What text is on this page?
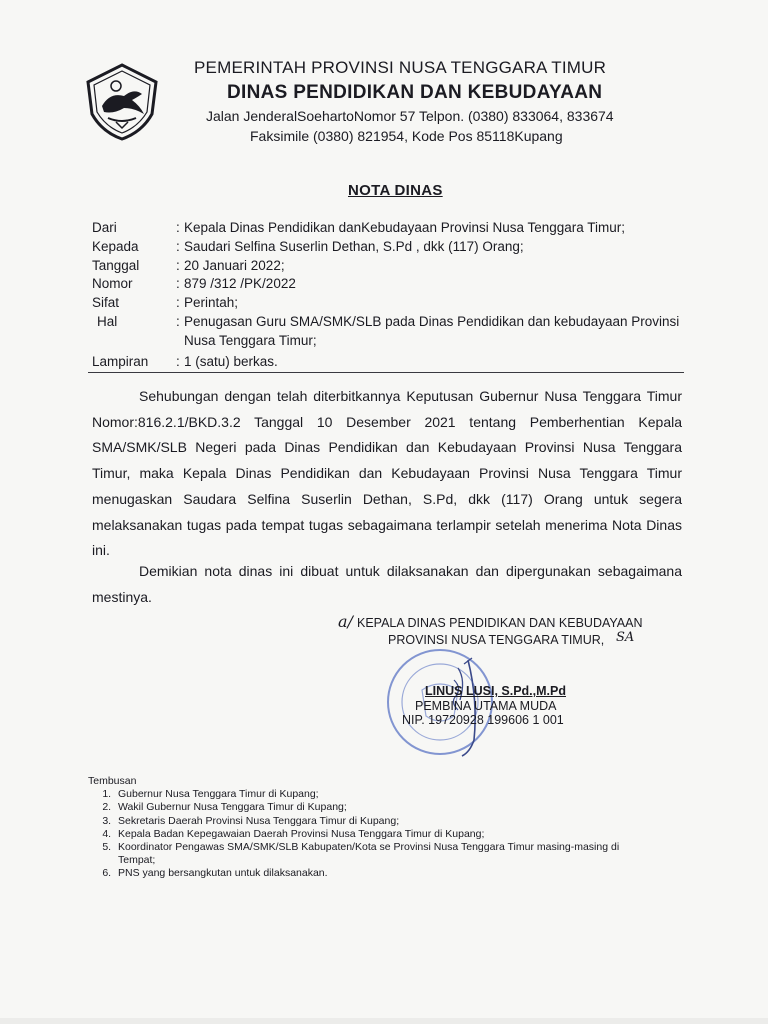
PEMERINTAH PROVINSI NUSA TENGGARA TIMUR
DINAS PENDIDIKAN DAN KEBUDAYAAN
Jalan JenderalSoehartoNomor 57 Telpon. (0380) 833064, 833674
Faksimile (0380) 821954, Kode Pos 85118Kupang
NOTA DINAS
Dari	: Kepala Dinas Pendidikan danKebudayaan Provinsi Nusa Tenggara Timur;
Kepada	: Saudari Selfina Suserlin Dethan, S.Pd , dkk (117) Orang;
Tanggal	: 20 Januari 2022;
Nomor	: 879 /312 /PK/2022
Sifat	: Perintah;
Hal	: Penugasan Guru SMA/SMK/SLB pada Dinas Pendidikan dan kebudayaan Provinsi Nusa Tenggara Timur;
Lampiran	: 1 (satu) berkas.
Sehubungan dengan telah diterbitkannya Keputusan Gubernur Nusa Tenggara Timur Nomor:816.2.1/BKD.3.2 Tanggal 10 Desember 2021 tentang Pemberhentian Kepala SMA/SMK/SLB Negeri pada Dinas Pendidikan dan Kebudayaan Provinsi Nusa Tenggara Timur, maka Kepala Dinas Pendidikan dan Kebudayaan Provinsi Nusa Tenggara Timur menugaskan Saudara Selfina Suserlin Dethan, S.Pd, dkk (117) Orang untuk segera melaksanakan tugas pada tempat tugas sebagaimana terlampir setelah menerima Nota Dinas ini.
Demikian nota dinas ini dibuat untuk dilaksanakan dan dipergunakan sebagaimana mestinya.
a/ KEPALA DINAS PENDIDIKAN DAN KEBUDAYAAN
PROVINSI NUSA TENGGARA TIMUR, SA
LINUS LUSI, S.Pd.,M.Pd
PEMBINA UTAMA MUDA
NIP. 19720928 199606 1 001
Tembusan
1. Gubernur Nusa Tenggara Timur di Kupang;
2. Wakil Gubernur Nusa Tenggara Timur di Kupang;
3. Sekretaris Daerah Provinsi Nusa Tenggara Timur di Kupang;
4. Kepala Badan Kepegawaian Daerah Provinsi Nusa Tenggara Timur di Kupang;
5. Koordinator Pengawas SMA/SMK/SLB Kabupaten/Kota se Provinsi Nusa Tenggara Timur masing-masing di Tempat;
6. PNS yang bersangkutan untuk dilaksanakan.
